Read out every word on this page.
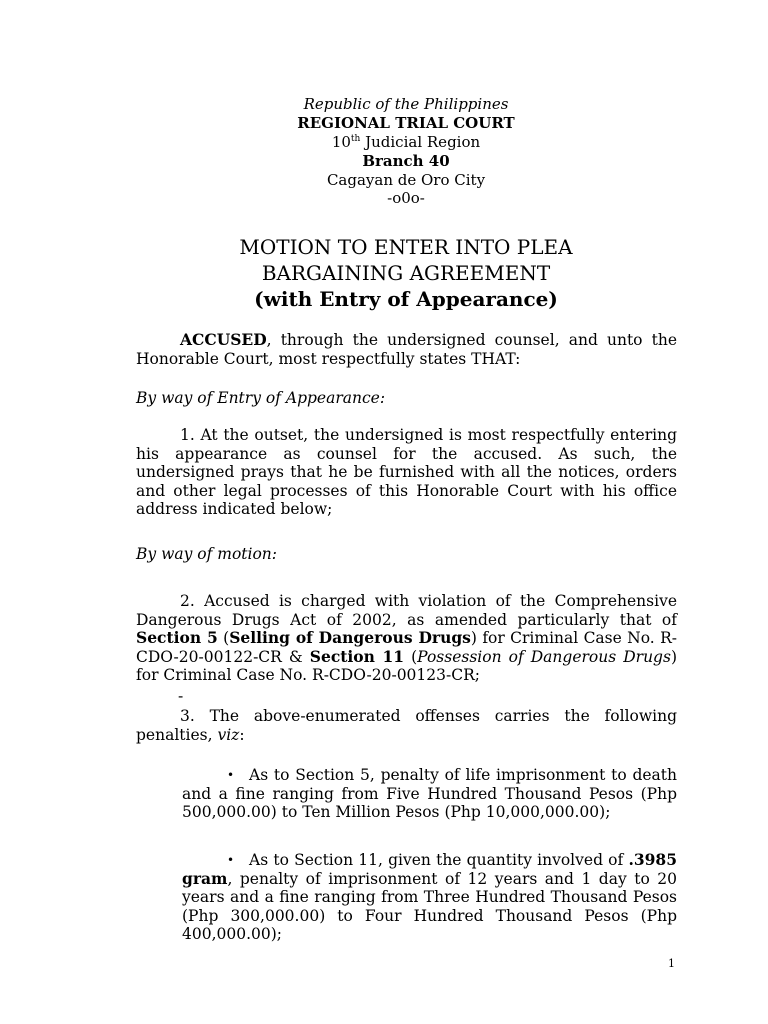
Republic of the Philippines
REGIONAL TRIAL COURT
10th Judicial Region
Branch 40
Cagayan de Oro City
-o0o-
MOTION TO ENTER INTO PLEA
BARGAINING AGREEMENT
(with Entry of Appearance)
ACCUSED, through the undersigned counsel, and unto the Honorable Court, most respectfully states THAT:
By way of Entry of Appearance:
1. At the outset, the undersigned is most respectfully entering his appearance as counsel for the accused. As such, the undersigned prays that he be furnished with all the notices, orders and other legal processes of this Honorable Court with his office address indicated below;
By way of motion:
2. Accused is charged with violation of the Comprehensive Dangerous Drugs Act of 2002, as amended particularly that of Section 5 (Selling of Dangerous Drugs) for Criminal Case No. R-CDO-20-00122-CR & Section 11 (Possession of Dangerous Drugs) for Criminal Case No. R-CDO-20-00123-CR;
-
3. The above-enumerated offenses carries the following penalties, viz:
• As to Section 5, penalty of life imprisonment to death and a fine ranging from Five Hundred Thousand Pesos (Php 500,000.00) to Ten Million Pesos (Php 10,000,000.00);
• As to Section 11, given the quantity involved of .3985 gram, penalty of imprisonment of 12 years and 1 day to 20 years and a fine ranging from Three Hundred Thousand Pesos (Php 300,000.00) to Four Hundred Thousand Pesos (Php 400,000.00);
1
